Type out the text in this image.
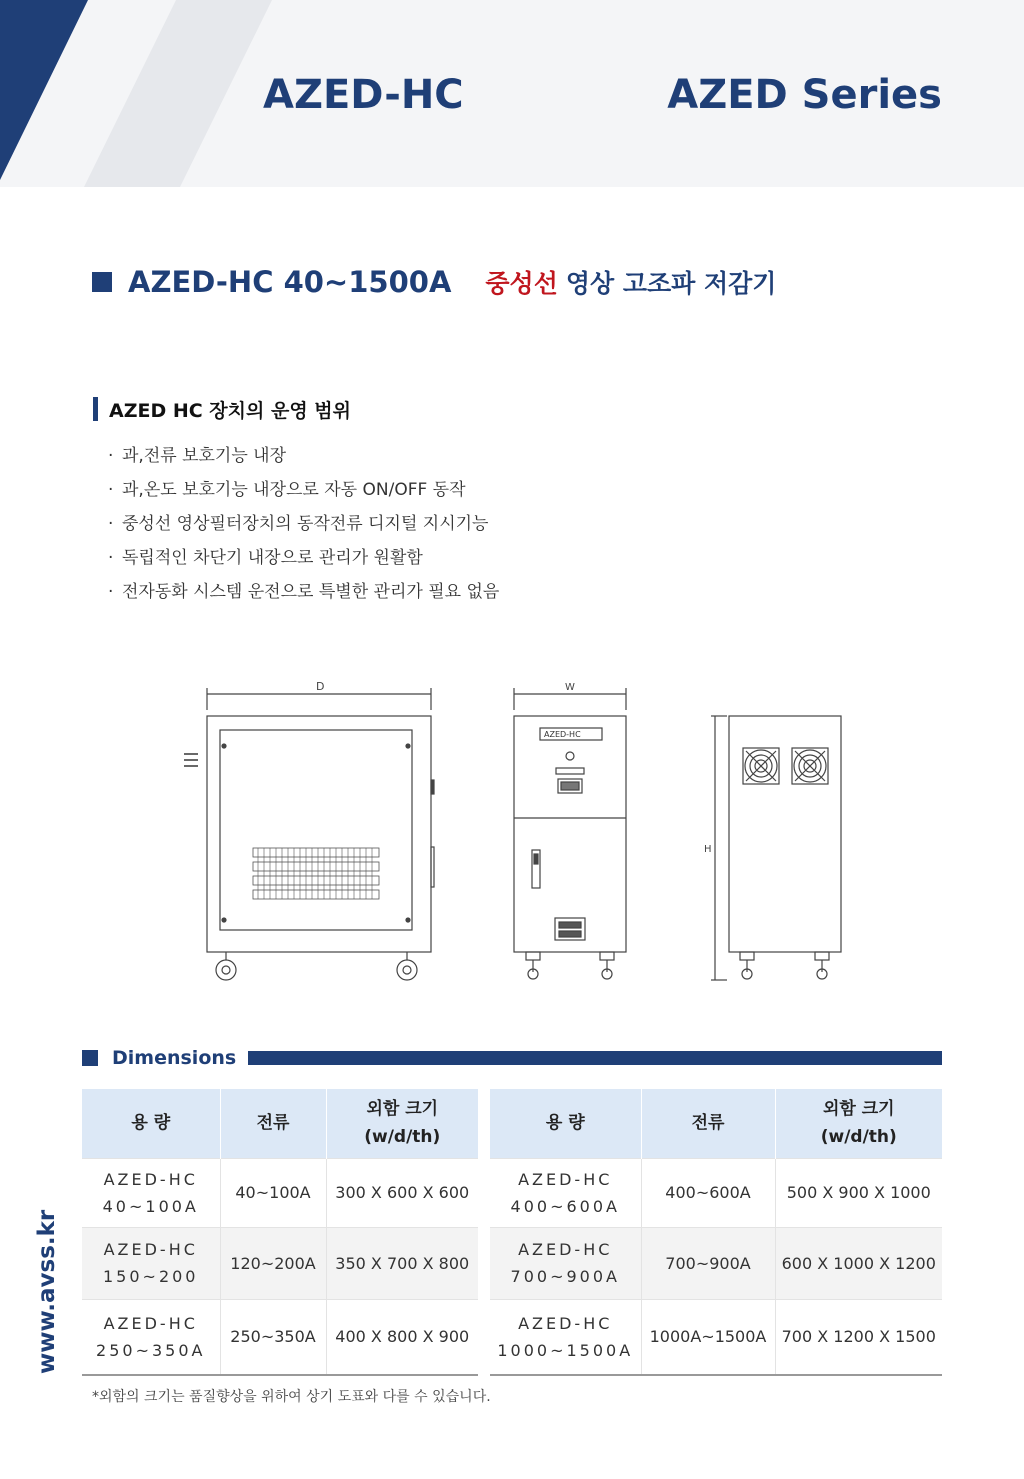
AZED-HC	AZED Series
AZED-HC 40~1500A 중성선 영상 고조파 저감기
AZED HC 장치의 운영 범위
· 과,전류 보호기능 내장
· 과,온도 보호기능 내장으로 자동 ON/OFF 동작
· 중성선 영상필터장치의 동작전류 디지털 지시기능
· 독립적인 차단기 내장으로 관리가 원활함
· 전자동화 시스템 운전으로 특별한 관리가 필요 없음
D	W
AZED-HC
H
Dimensions
용 량	전류	외함 크기
(w/d/th)
AZED-HC
40~100A	40~100A	300 X 600 X 600
AZED-HC
150~200	120~200A	350 X 700 X 800
AZED-HC
250~350A	250~350A	400 X 800 X 900
용 량	전류	외함 크기
(w/d/th)
AZED-HC
400~600A	400~600A	500 X 900 X 1000
AZED-HC
700~900A	700~900A	600 X 1000 X 1200
AZED-HC
1000~1500A	1000A~1500A	700 X 1200 X 1500
*외함의 크기는 품질향상을 위하여 상기 도표와 다를 수 있습니다.
www.avss.kr
